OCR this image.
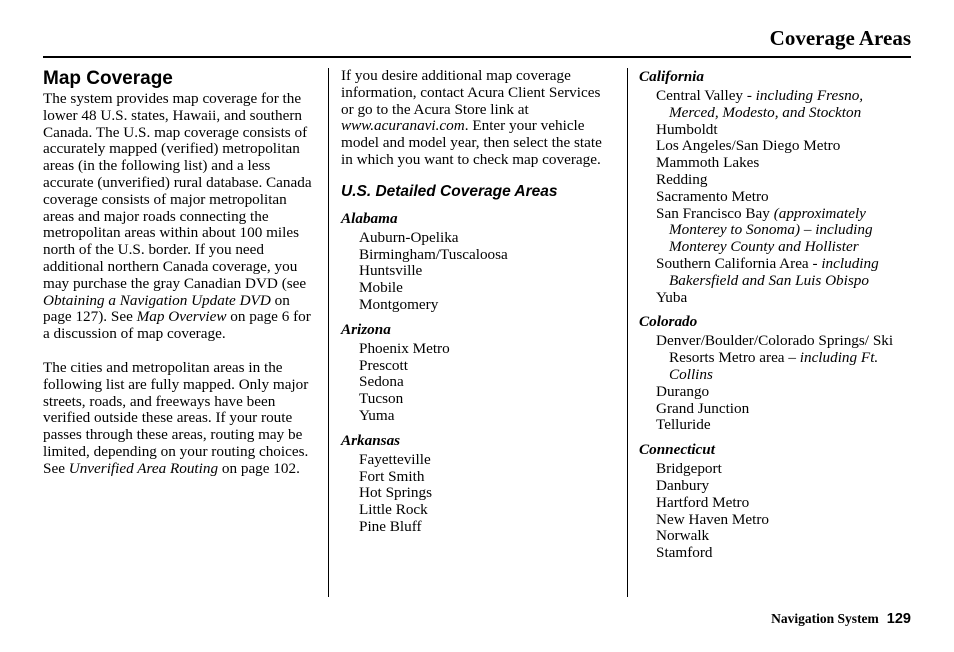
Coverage Areas
Map Coverage

The system provides map coverage for the lower 48 U.S. states, Hawaii, and southern Canada. The U.S. map coverage consists of accurately mapped (verified) metropolitan areas (in the following list) and a less accurate (unverified) rural database. Canada coverage consists of major metropolitan areas and major roads connecting the metropolitan areas within about 100 miles north of the U.S. border. If you need additional northern Canada coverage, you may purchase the gray Canadian DVD (see Obtaining a Navigation Update DVD on page 127). See Map Overview on page 6 for a discussion of map coverage.

The cities and metropolitan areas in the following list are fully mapped. Only major streets, roads, and freeways have been verified outside these areas. If your route passes through these areas, routing may be limited, depending on your routing choices. See Unverified Area Routing on page 102.

If you desire additional map coverage information, contact Acura Client Services or go to the Acura Store link at www.acuranavi.com. Enter your vehicle model and model year, then select the state in which you want to check map coverage.

U.S. Detailed Coverage Areas
Alabama
Auburn-Opelika
Birmingham/Tuscaloosa
Huntsville
Mobile
Montgomery
Arizona
Phoenix Metro
Prescott
Sedona
Tucson
Yuma
Arkansas
Fayetteville
Fort Smith
Hot Springs
Little Rock
Pine Bluff
California
Central Valley - including Fresno, Merced, Modesto, and Stockton
Humboldt
Los Angeles/San Diego Metro
Mammoth Lakes
Redding
Sacramento Metro
San Francisco Bay (approximately Monterey to Sonoma) – including Monterey County and Hollister
Southern California Area - including Bakersfield and San Luis Obispo
Yuba
Colorado
Denver/Boulder/Colorado Springs/ Ski Resorts Metro area – including Ft. Collins
Durango
Grand Junction
Telluride
Connecticut
Bridgeport
Danbury
Hartford Metro
New Haven Metro
Norwalk
Stamford
Navigation System 129
